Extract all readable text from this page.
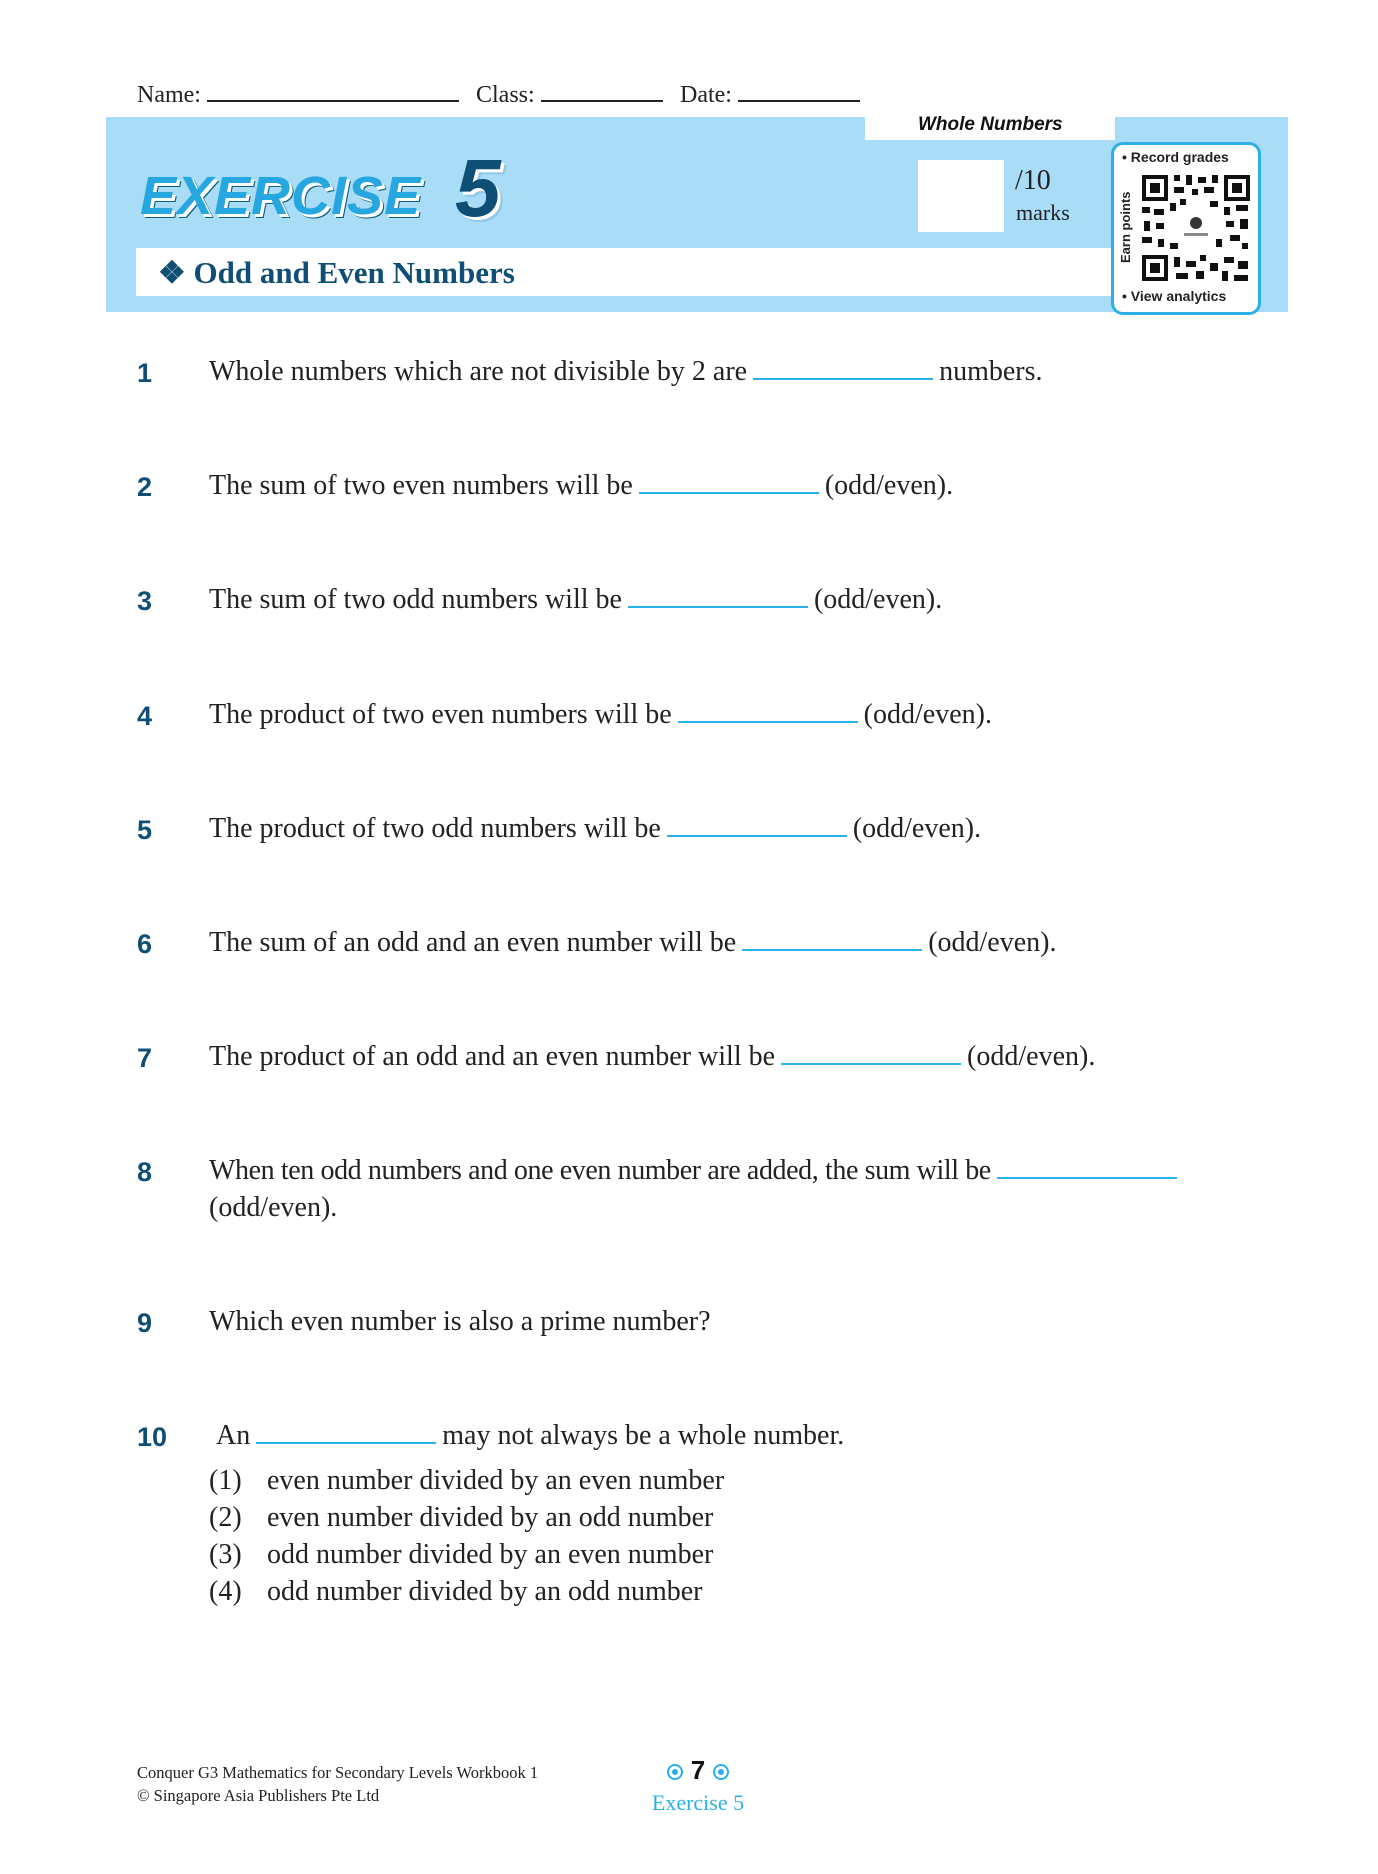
Name:	Class:	Date:
Whole Numbers
EXERCISE 5	/10
marks
❖ Odd and Even Numbers
• Record grades
Earn points
• View analytics
1 Whole numbers which are not divisible by 2 are	numbers.
2 The sum of two even numbers will be	(odd/even).
3 The sum of two odd numbers will be	(odd/even).
4 The product of two even numbers will be	(odd/even).
5 The product of two odd numbers will be	(odd/even).
6 The sum of an odd and an even number will be	(odd/even).
7 The product of an odd and an even number will be	(odd/even).
8 When ten odd numbers and one even number are added, the sum will be
(odd/even).
9 Which even number is also a prime number?
10 An	may not always be a whole number.
(1) even number divided by an even number
(2) even number divided by an odd number
(3) odd number divided by an even number
(4) odd number divided by an odd number
Conquer G3 Mathematics for Secondary Levels Workbook 1
© Singapore Asia Publishers Pte Ltd
7
Exercise 5
